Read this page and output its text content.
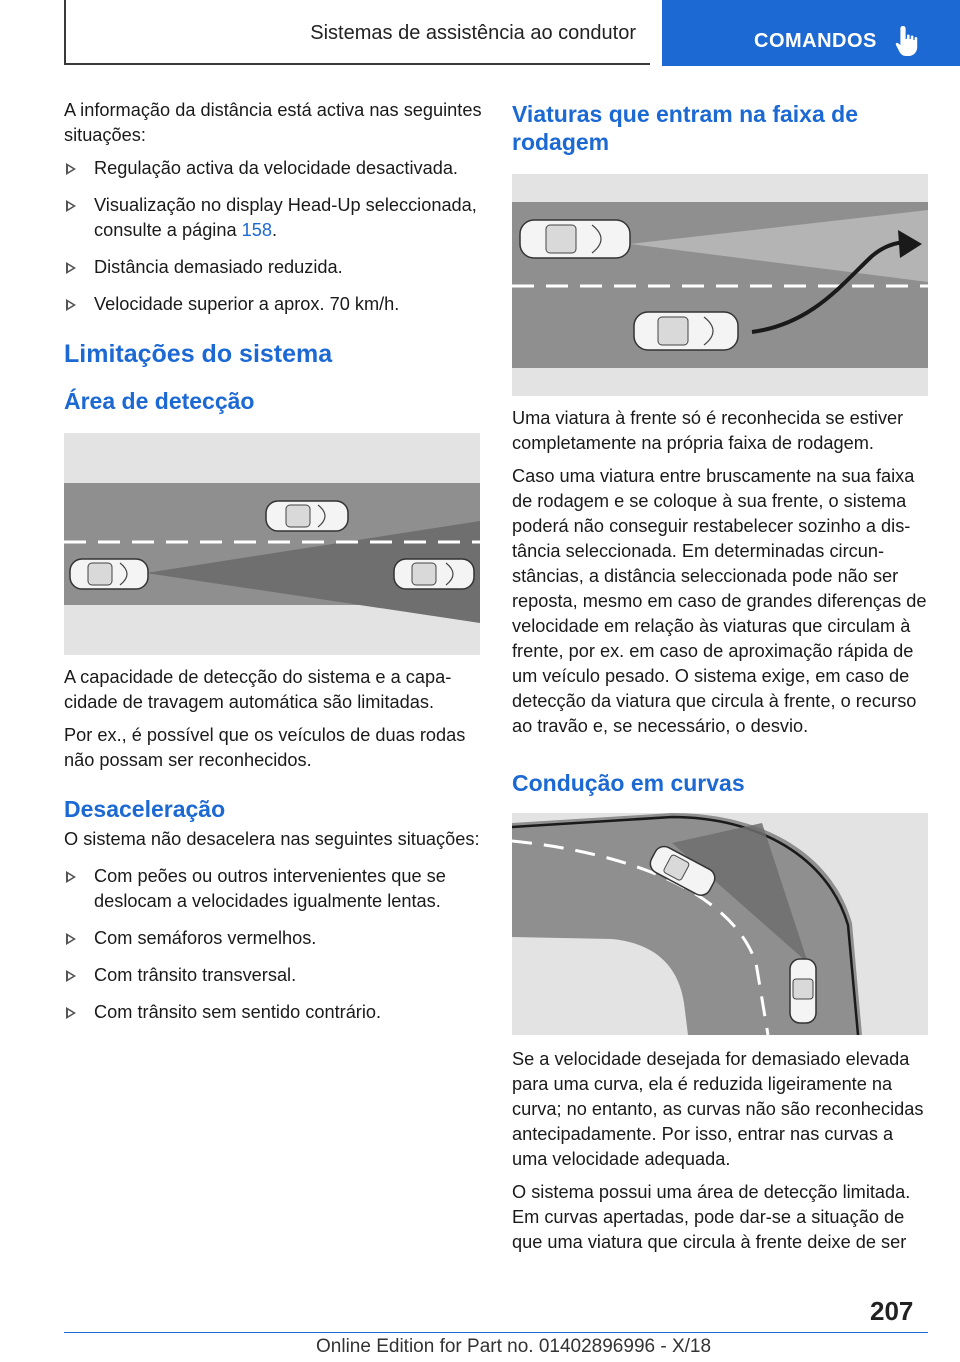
Sistemas de assistência ao condutor	COMANDOS

A informação da distância está activa nas seguintes situações:

Regulação activa da velocidade desactivada.
Visualização no display Head-Up seleccionada, consulte a página 158.
Distância demasiado reduzida.
Velocidade superior a aprox. 70 km/h.
Limitações do sistema
Área de detecção

A capacidade de detecção do sistema e a capacidade de travagem automática são limitadas.

Por ex., é possível que os veículos de duas rodas não possam ser reconhecidos.

Desaceleração

O sistema não desacelera nas seguintes situações:

Com peões ou outros intervenientes que se deslocam a velocidades igualmente lentas.
Com semáforos vermelhos.
Com trânsito transversal.
Com trânsito sem sentido contrário.
Viaturas que entram na faixa de rodagem

Uma viatura à frente só é reconhecida se estiver completamente na própria faixa de rodagem.

Caso uma viatura entre bruscamente na sua faixa de rodagem e se coloque à sua frente, o sistema poderá não conseguir restabelecer sozinho a distância seleccionada. Em determinadas circunstâncias, a distância seleccionada pode não ser reposta, mesmo em caso de grandes diferenças de velocidade em relação às viaturas que circulam à frente, por ex. em caso de aproximação rápida de um veículo pesado. O sistema exige, em caso de detecção da viatura que circula à frente, o recurso ao travão e, se necessário, o desvio.

Condução em curvas

Se a velocidade desejada for demasiado elevada para uma curva, ela é reduzida ligeiramente na curva; no entanto, as curvas não são reconhecidas antecipadamente. Por isso, entrar nas curvas a uma velocidade adequada.

O sistema possui uma área de detecção limitada. Em curvas apertadas, pode dar-se a situação de que uma viatura que circula à frente deixe de ser

207
Online Edition for Part no. 01402896996 - X/18
